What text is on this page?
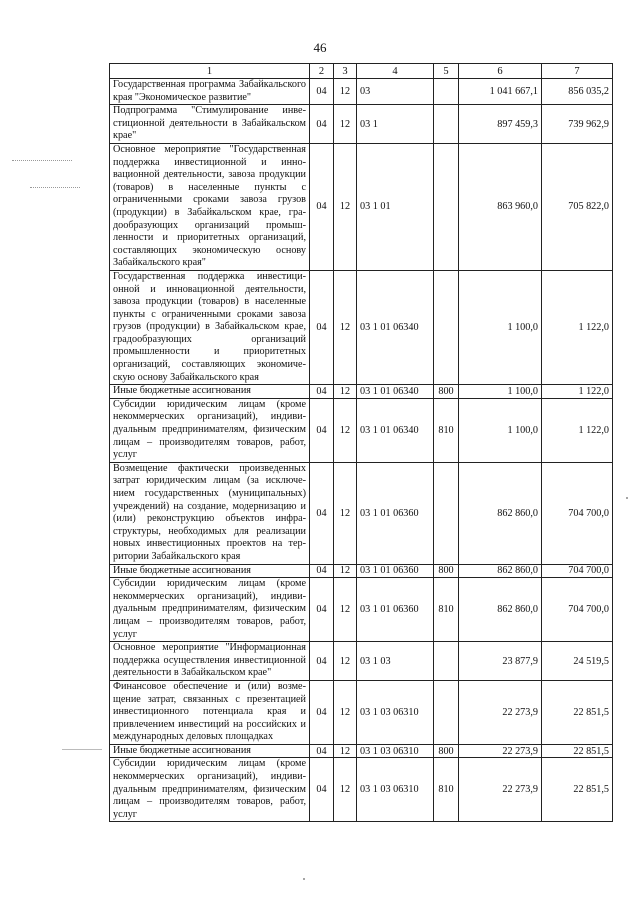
46
1	2	3	4	5	6	7
Государственная программа Забайкальского края "Экономическое развитие"	04	12	03		1 041 667,1	856 035,2
Подпрограмма "Стимулирование инвестиционной деятельности в Забайкальском крае"	04	12	03 1		897 459,3	739 962,9
Основное мероприятие "Государственная поддержка инвестиционной и инновационной деятельности, завоза продукции (товаров) в населенные пункты с ограниченными сроками завоза грузов (продукции) в Забайкальском крае, градообразующих организаций промышленности и приоритетных организаций, составляющих экономическую основу Забайкальского края"	04	12	03 1 01		863 960,0	705 822,0
Государственная поддержка инвестиционной и инновационной деятельности, завоза продукции (товаров) в населенные пункты с ограниченными сроками завоза грузов (продукции) в Забайкальском крае, градообразующих организаций промышленности и приоритетных организаций, составляющих экономическую основу Забайкальского края	04	12	03 1 01 06340		1 100,0	1 122,0
Иные бюджетные ассигнования	04	12	03 1 01 06340	800	1 100,0	1 122,0
Субсидии юридическим лицам (кроме некоммерческих организаций), индивидуальным предпринимателям, физическим лицам – производителям товаров, работ, услуг	04	12	03 1 01 06340	810	1 100,0	1 122,0
Возмещение фактически произведенных затрат юридическим лицам (за исключением государственных (муниципальных) учреждений) на создание, модернизацию и (или) реконструкцию объектов инфраструктуры, необходимых для реализации новых инвестиционных проектов на территории Забайкальского края	04	12	03 1 01 06360		862 860,0	704 700,0
Иные бюджетные ассигнования	04	12	03 1 01 06360	800	862 860,0	704 700,0
Субсидии юридическим лицам (кроме некоммерческих организаций), индивидуальным предпринимателям, физическим лицам – производителям товаров, работ, услуг	04	12	03 1 01 06360	810	862 860,0	704 700,0
Основное мероприятие "Информационная поддержка осуществления инвестиционной деятельности в Забайкальском крае"	04	12	03 1 03		23 877,9	24 519,5
Финансовое обеспечение и (или) возмещение затрат, связанных с презентацией инвестиционного потенциала края и привлечением инвестиций на российских и международных деловых площадках	04	12	03 1 03 06310		22 273,9	22 851,5
Иные бюджетные ассигнования	04	12	03 1 03 06310	800	22 273,9	22 851,5
Субсидии юридическим лицам (кроме некоммерческих организаций), индивидуальным предпринимателям, физическим лицам – производителям товаров, работ, услуг	04	12	03 1 03 06310	810	22 273,9	22 851,5
